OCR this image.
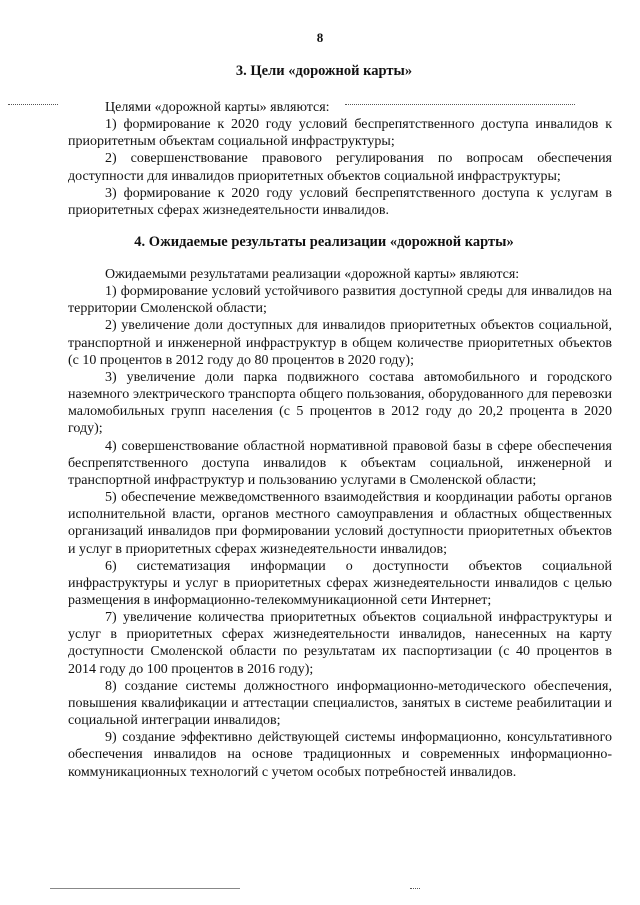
8
3. Цели «дорожной карты»

Целями «дорожной карты» являются:

1) формирование к 2020 году условий беспрепятственного доступа инвалидов к приоритетным объектам социальной инфраструктуры;

2) совершенствование правового регулирования по вопросам обеспечения доступности для инвалидов приоритетных объектов социальной инфраструктуры;

3) формирование к 2020 году условий беспрепятственного доступа к услугам в приоритетных сферах жизнедеятельности инвалидов.

4. Ожидаемые результаты реализации «дорожной карты»

Ожидаемыми результатами реализации «дорожной карты» являются:

1) формирование условий устойчивого развития доступной среды для инвалидов на территории Смоленской области;

2) увеличение доли доступных для инвалидов приоритетных объектов социальной, транспортной и инженерной инфраструктур в общем количестве приоритетных объектов (с 10 процентов в 2012 году до 80 процентов в 2020 году);

3) увеличение доли парка подвижного состава автомобильного и городского наземного электрического транспорта общего пользования, оборудованного для перевозки маломобильных групп населения (с 5 процентов в 2012 году до 20,2 процента в 2020 году);

4) совершенствование областной нормативной правовой базы в сфере обеспечения беспрепятственного доступа инвалидов к объектам социальной, инженерной и транспортной инфраструктур и пользованию услугами в Смоленской области;

5) обеспечение межведомственного взаимодействия и координации работы органов исполнительной власти, органов местного самоуправления и областных общественных организаций инвалидов при формировании условий доступности приоритетных объектов и услуг в приоритетных сферах жизнедеятельности инвалидов;

6) систематизация информации о доступности объектов социальной инфраструктуры и услуг в приоритетных сферах жизнедеятельности инвалидов с целью размещения в информационно-телекоммуникационной сети Интернет;

7) увеличение количества приоритетных объектов социальной инфраструктуры и услуг в приоритетных сферах жизнедеятельности инвалидов, нанесенных на карту доступности Смоленской области по результатам их паспортизации (с 40 процентов в 2014 году до 100 процентов в 2016 году);

8) создание системы должностного информационно-методического обеспечения, повышения квалификации и аттестации специалистов, занятых в системе реабилитации и социальной интеграции инвалидов;

9) создание эффективно действующей системы информационно, консультативного обеспечения инвалидов на основе традиционных и современных информационно-коммуникационных технологий с учетом особых потребностей инвалидов.
